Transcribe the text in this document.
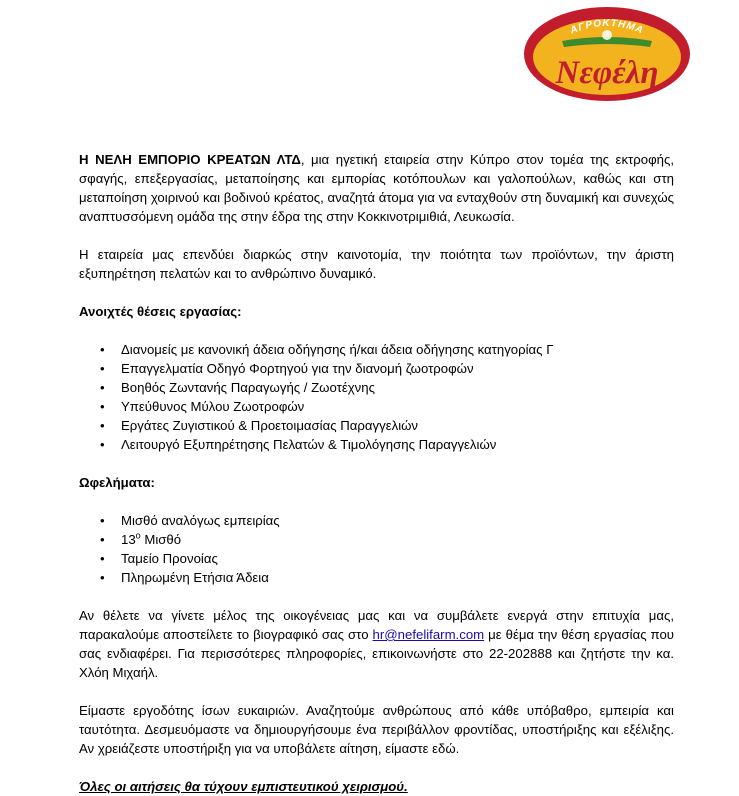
ΑΓΡΟΚΤΗΜΑ
Νεφέλη

Η ΝΕΛΗ ΕΜΠΟΡΙΟ ΚΡΕΑΤΩΝ ΛΤΔ, μια ηγετική εταιρεία στην Κύπρο στον τομέα της εκτροφής, σφαγής, επεξεργασίας, μεταποίησης και εμπορίας κοτόπουλων και γαλοπούλων, καθώς και στη μεταποίηση χοιρινού και βοδινού κρέατος, αναζητά άτομα για να ενταχθούν στη δυναμική και συνεχώς αναπτυσσόμενη ομάδα της στην έδρα της στην Κοκκινοτριμιθιά, Λευκωσία.

Η εταιρεία μας επενδύει διαρκώς στην καινοτομία, την ποιότητα των προϊόντων, την άριστη εξυπηρέτηση πελατών και το ανθρώπινο δυναμικό.

Ανοιχτές θέσεις εργασίας:

• Διανομείς με κανονική άδεια οδήγησης ή/και άδεια οδήγησης κατηγορίας Γ
• Επαγγελματία Οδηγό Φορτηγού για την διανομή ζωοτροφών
• Βοηθός Ζωντανής Παραγωγής / Ζωοτέχνης
• Υπεύθυνος Μύλου Ζωοτροφών
• Εργάτες Ζυγιστικού & Προετοιμασίας Παραγγελιών
• Λειτουργό Εξυπηρέτησης Πελατών & Τιμολόγησης Παραγγελιών

Ωφελήματα:

• Μισθό αναλόγως εμπειρίας
• $13^o$ Μισθό
• Ταμείο Προνοίας
• Πληρωμένη Ετήσια Άδεια

Αν θέλετε να γίνετε μέλος της οικογένειας μας και να συμβάλετε ενεργά στην επιτυχία μας, παρακαλούμε αποστείλετε το βιογραφικό σας στο hr@nefelifarm.com με θέμα την θέση εργασίας που σας ενδιαφέρει. Για περισσότερες πληροφορίες, επικοινωνήστε στο 22-202888 και ζητήστε την κα. Χλόη Μιχαήλ.

Είμαστε εργοδότης ίσων ευκαιριών. Αναζητούμε ανθρώπους από κάθε υπόβαθρο, εμπειρία και ταυτότητα. Δεσμευόμαστε να δημιουργήσουμε ένα περιβάλλον φροντίδας, υποστήριξης και εξέλιξης. Αν χρειάζεστε υποστήριξη για να υποβάλετε αίτηση, είμαστε εδώ.

Όλες οι αιτήσεις θα τύχουν εμπιστευτικού χειρισμού.
